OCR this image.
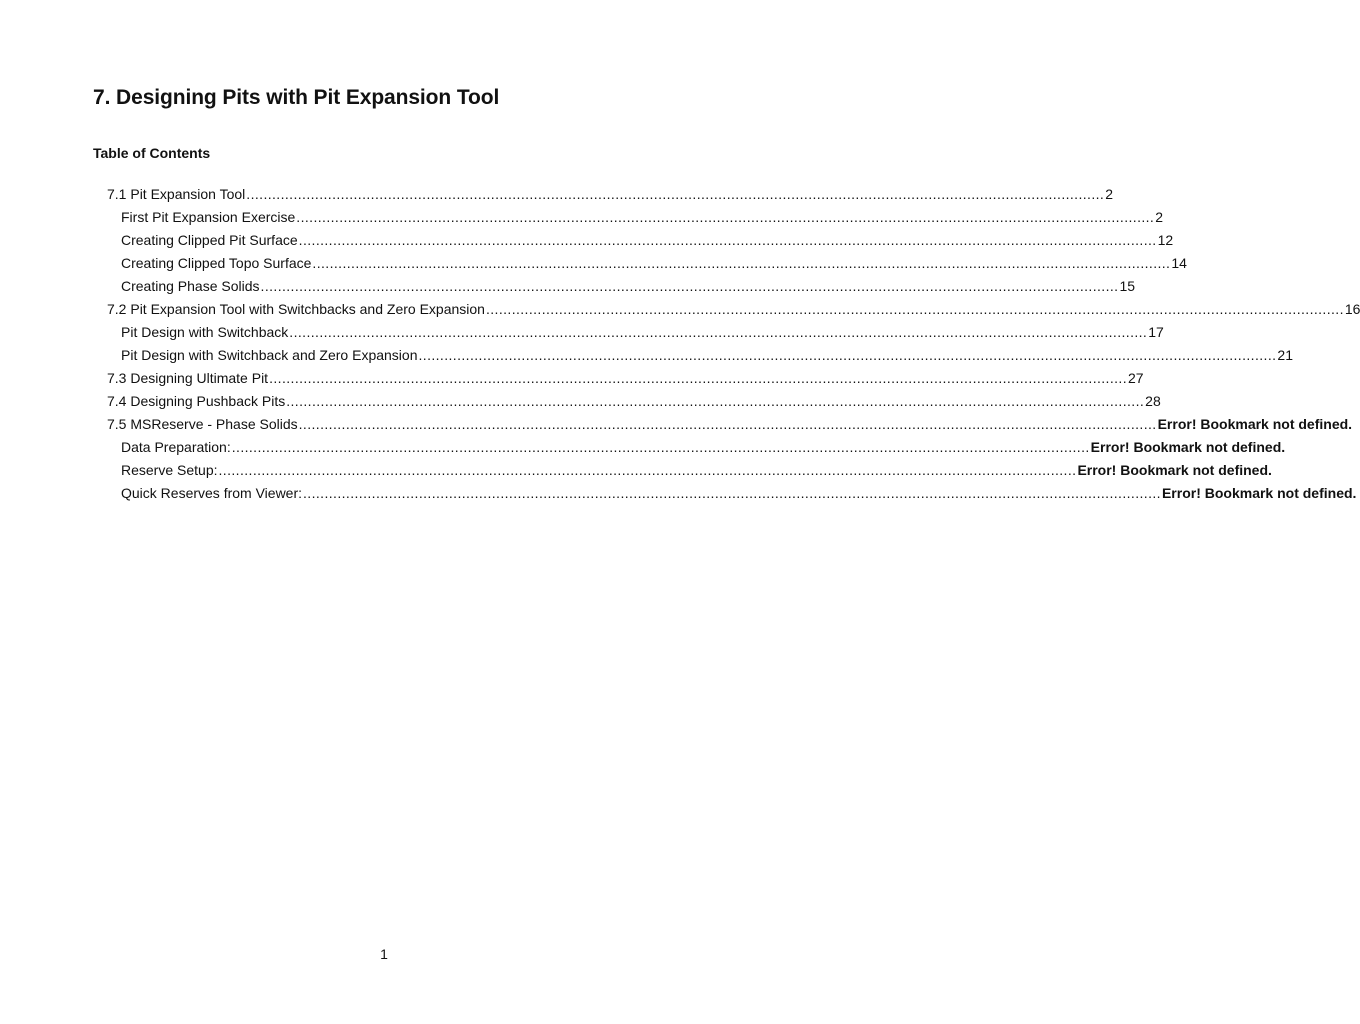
7. Designing Pits with Pit Expansion Tool
Table of Contents
7.1 Pit Expansion Tool ........................................................................................................................................................................................................ 2
First Pit Expansion Exercise ........................................................................................................................................................................................................ 2
Creating Clipped Pit Surface ........................................................................................................................................................................................................ 12
Creating Clipped Topo Surface ........................................................................................................................................................................................................ 14
Creating Phase Solids ........................................................................................................................................................................................................ 15
7.2 Pit Expansion Tool with Switchbacks and Zero Expansion ........................................................................................................................................................................................................ 16
Pit Design with Switchback ........................................................................................................................................................................................................ 17
Pit Design with Switchback and Zero Expansion ........................................................................................................................................................................................................ 21
7.3 Designing Ultimate Pit ........................................................................................................................................................................................................ 27
7.4 Designing Pushback Pits ........................................................................................................................................................................................................ 28
7.5 MSReserve - Phase Solids ........................................................................................................................................................................................................ Error! Bookmark not defined.
Data Preparation: ........................................................................................................................................................................................................ Error! Bookmark not defined.
Reserve Setup: ........................................................................................................................................................................................................ Error! Bookmark not defined.
Quick Reserves from Viewer: ........................................................................................................................................................................................................ Error! Bookmark not defined.
1
